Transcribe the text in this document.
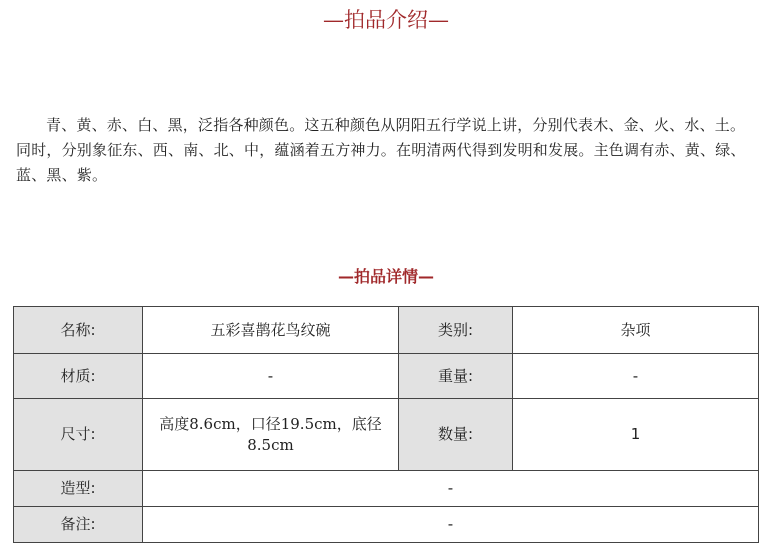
—拍品介绍—

青、黄、赤、白、黑，泛指各种颜色。这五种颜色从阴阳五行学说上讲，分别代表木、金、火、水、土。同时，分别象征东、西、南、北、中，蕴涵着五方神力。在明清两代得到发明和发展。主色调有赤、黄、绿、蓝、黑、紫。

—拍品详情—
名称:	五彩喜鹊花鸟纹碗	类别:	杂项
材质:	-	重量:	-
尺寸:	高度8.6cm，口径19.5cm，底径8.5cm	数量:	1
造型:	-		
备注:	-		
